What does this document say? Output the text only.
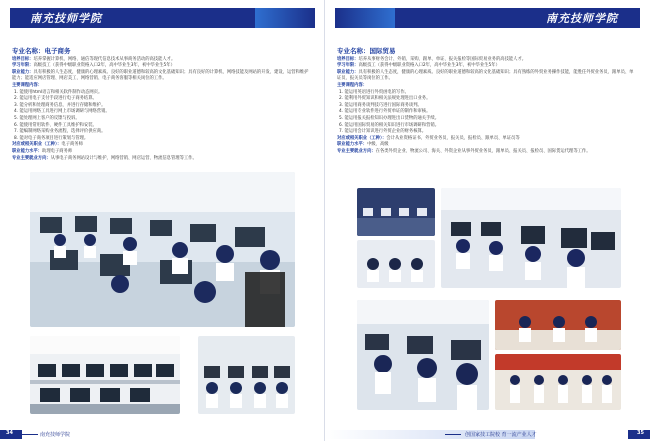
南充技师学院
专业名称：电子商务
培养目标：培养掌握计算机、网络、通信等现代信息技术从事商务活动的高技能人才。
学习年限：高级技工（获得中级职业资格入口2年，高中毕业生3年，初中毕业生5年）
职业能力：具有积极的人生态度，健康的心理素质。良好的职业道德和较高的文化基础知识；具有良好的计算机、网络技能及网站的开发、建设、运营和维护能力；能适应网店管理、网店美工、网络营销、电子商务客服等相关岗位的工作。
主要课程内容：
1. 能使用html语言和相关软件制作动态网页。
2. 能运用电子支付手段进行电子商务结算。
3. 能分析和处理商务信息，并进行存储和维护。
4. 能运用网络工具进行网上市场调研与网络营销。
5. 能处理网上客户的反馈与投诉。
6. 能使用常用软件、硬件工具维护和安装。
7. 能编制网络采购业务流程，选择评价供应商。
8. 能对电子商务项目进行策划与管理。
对应或相关职业（工种）：电子商务师
职业能力水平：助理电子商务师
专业主要就业方向：从事电子商务网站设计与维护，网络营销、网店运营、物流信息管理等工作。
34	南充技师学院
南充技师学院
专业名称：国际贸易
培养目标：培养从事财务会计、外销、采购、跟单、单证、报关报检等国际贸易业务的高技能人才。
学习年限：高级技工（获得中级职业资格入口2年，高中毕业生3年，初中毕业生5年）
职业能力：具有积极的人生态度，健康的心理素质。良好的职业道德和较高的文化基础知识；具有熟练的外贸业务操作技能，能胜任外贸业务员、跟单员、单证员、报关员等岗位的工作。
主要课程内容：
1. 能运用英语进行外贸函电的写作。
2. 能利用外贸知识和相关法规处理进出口业务。
3. 能运用商务谈判技巧进行国际商务谈判。
4. 能运用专业软件进行外贸单证的制作和审核。
5. 能运用报关报检知识办理进出口货物的通关手续。
6. 能运用国际贸易的相关知识进行市场调研和营销。
7. 能运用会计知识进行外贸企业的财务核算。
对应或相关职业（工种）：会计从业资格证书、外贸业务员、报关员、报检员、跟单员、单证员等
职业能力水平：中级、高级
专业主要就业方向：在各类外贸企业、物流公司、海关、外资企业从事外贸业务员、跟单员、报关员、报检员、国际货运代理等工作。
创国家技工院校 育一流产业人才	35
